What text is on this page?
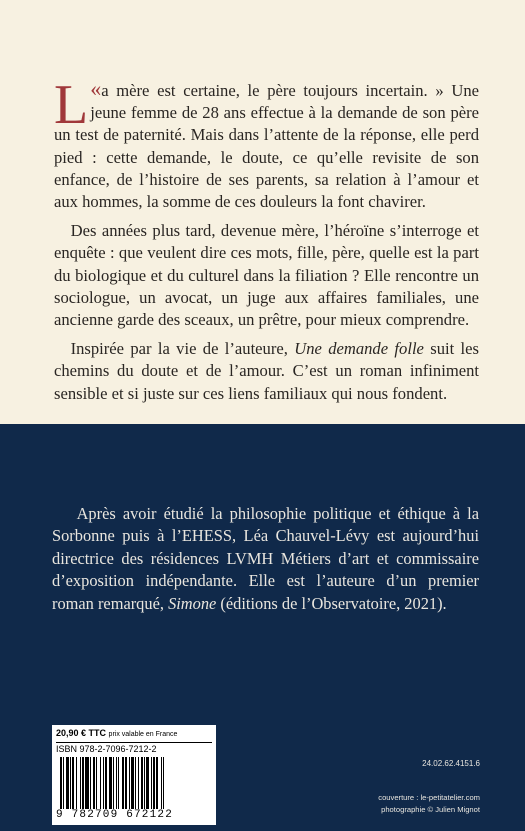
«
L a mère est certaine, le père toujours incertain. » Une jeune femme de 28 ans effectue à la demande de son père un test de paternité. Mais dans l’attente de la réponse, elle perd pied : cette demande, le doute, ce qu’elle revisite de son enfance, de l’histoire de ses parents, sa relation à l’amour et aux hommes, la somme de ces douleurs la font chavirer.

Des années plus tard, devenue mère, l’héroïne s’interroge et enquête : que veulent dire ces mots, fille, père, quelle est la part du biologique et du culturel dans la filiation ? Elle rencontre un sociologue, un avocat, un juge aux affaires familiales, une ancienne garde des sceaux, un prêtre, pour mieux comprendre.

Inspirée par la vie de l’auteure, Une demande folle suit les chemins du doute et de l’amour. C’est un roman infiniment sensible et si juste sur ces liens familiaux qui nous fondent.

Après avoir étudié la philosophie politique et éthique à la Sorbonne puis à l’EHESS, Léa Chauvel-Lévy est aujourd’hui directrice des résidences LVMH Métiers d’art et commissaire d’exposition indépendante. Elle est l’auteure d’un premier roman remarqué, Simone (éditions de l’Observatoire, 2021).

20,90 € TTC prix valable en France
ISBN 978-2-7096-7212-2
9 782709 672122
24.02.62.4151.6
couverture : le-petitatelier.com
photographie © Julien Mignot
